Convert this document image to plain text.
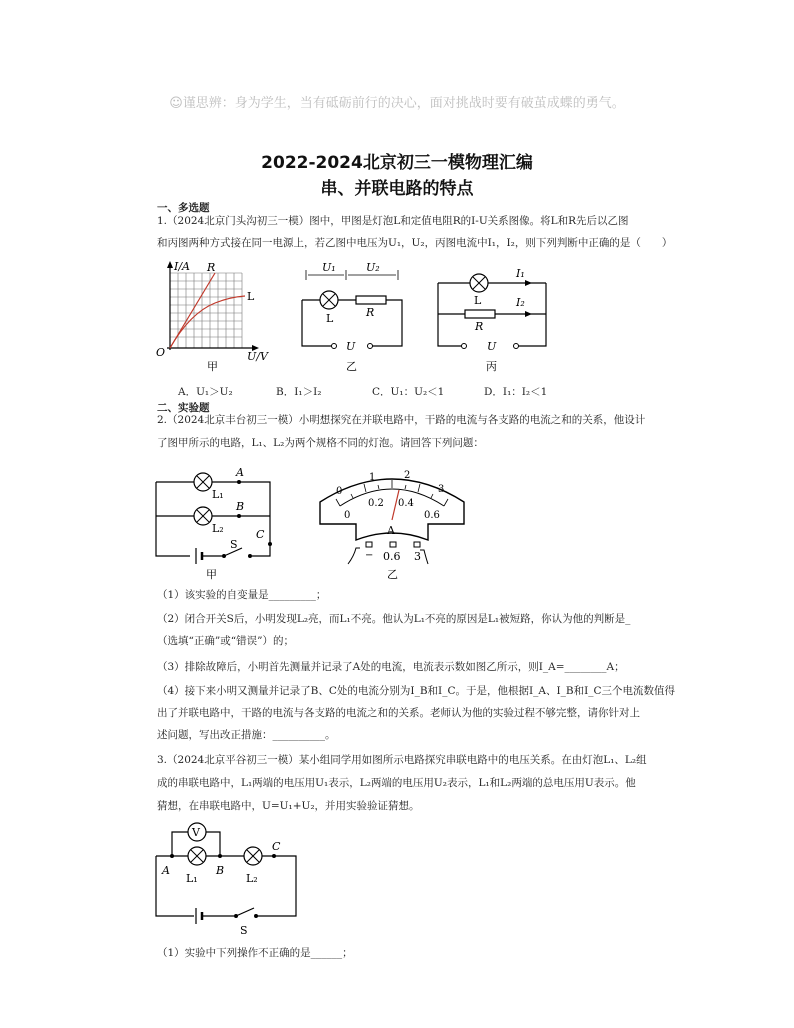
☺谨思辨：身为学生，当有砥砺前行的决心，面对挑战时要有破茧成蝶的勇气。
2022-2024北京初三一模物理汇编
串、并联电路的特点
一、多选题
1.（2024北京门头沟初三一模）图中，甲图是灯泡L和定值电阻R的I-U关系图像。将L和R先后以乙图
和丙图两种方式接在同一电源上，若乙图中电压为U₁，U₂，丙图电流中I₁，I₂，则下列判断中正确的是（　　）
I/A R
L
O	U/V
甲
U₁	U₂
L	R
U
乙
I₁
I₂
L
R
U
丙
A．U₁＞U₂	B．I₁＞I₂	C．U₁：U₂＜1	D．I₁：I₂＜1
二、实验题
2.（2024北京丰台初三一模）小明想探究在并联电路中，干路的电流与各支路的电流之和的关系，他设计
了图甲所示的电路，L₁、L₂为两个规格不同的灯泡。请回答下列问题：
A
B
C
L₁
L₂
S
甲
0
1	2
3
0
0.2 0.4
0.6
A
− 0.6 3
乙
（1）该实验的自变量是_________；
（2）闭合开关S后，小明发现L₂亮，而L₁不亮。他认为L₁不亮的原因是L₁被短路，你认为他的判断是_
（选填“正确”或“错误”）的；
（3）排除故障后，小明首先测量并记录了A处的电流，电流表示数如图乙所示，则I_A=________A；
（4）接下来小明又测量并记录了B、C处的电流分别为I_B和I_C。于是，他根据I_A、I_B和I_C三个电流数值得
出了并联电路中，干路的电流与各支路的电流之和的关系。老师认为他的实验过程不够完整，请你针对上
述问题，写出改正措施：__________。
3.（2024北京平谷初三一模）某小组同学用如图所示电路探究串联电路中的电压关系。在由灯泡L₁、L₂组
成的串联电路中，L₁两端的电压用U₁表示，L₂两端的电压用U₂表示，L₁和L₂两端的总电压用U表示。他
猜想，在串联电路中，U=U₁+U₂，并用实验验证猜想。
V
A	B
C
L₁	L₂
S
（1）实验中下列操作不正确的是______；
